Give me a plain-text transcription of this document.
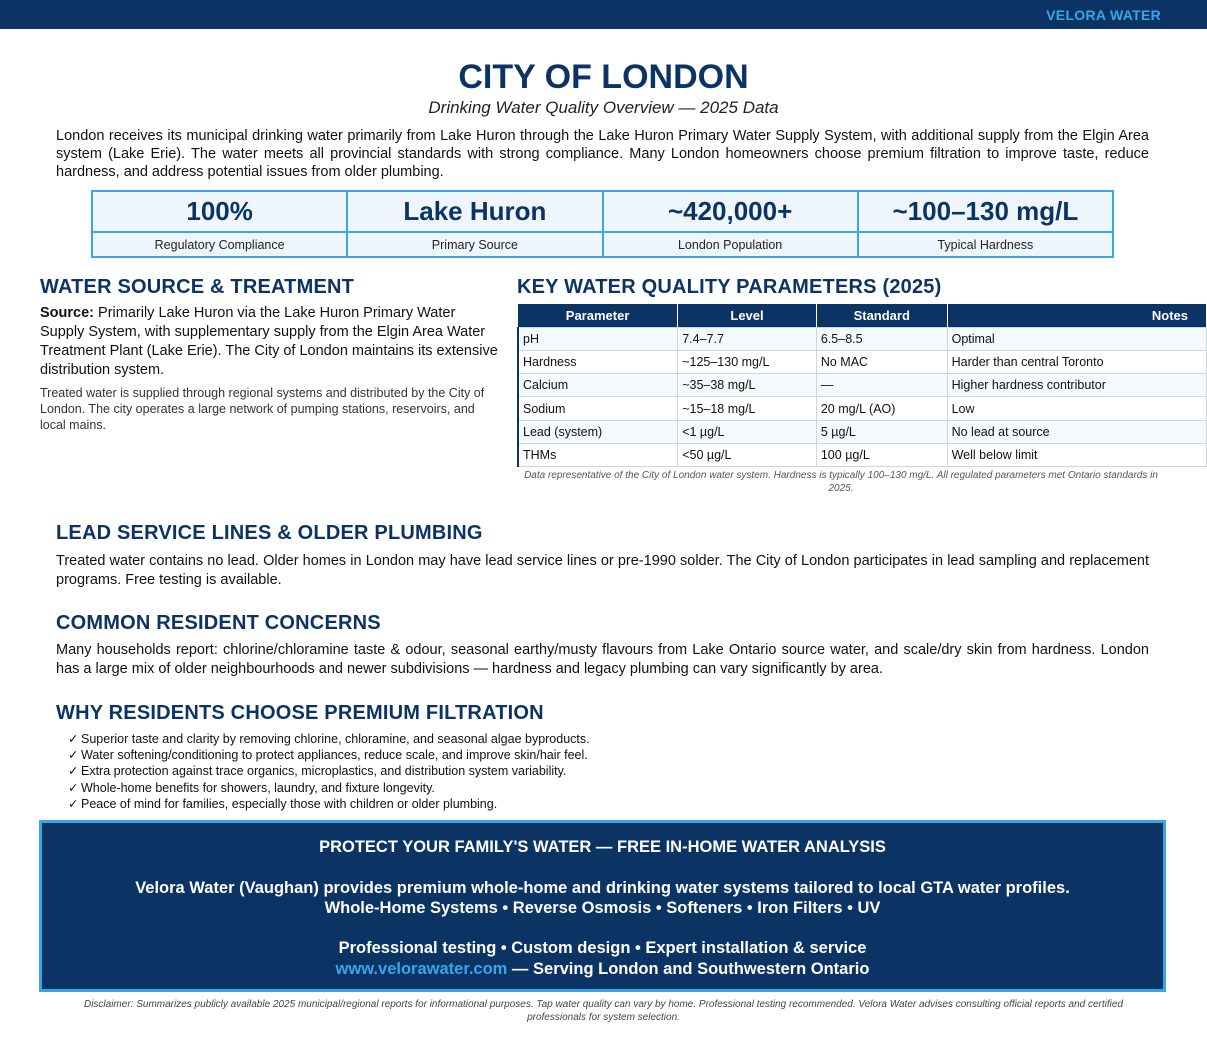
VELORA WATER
CITY OF LONDON
Drinking Water Quality Overview — 2025 Data

London receives its municipal drinking water primarily from Lake Huron through the Lake Huron Primary Water Supply System, with additional supply from the Elgin Area system (Lake Erie). The water meets all provincial standards with strong compliance. Many London homeowners choose premium filtration to improve taste, reduce hardness, and address potential issues from older plumbing.

100%
Regulatory Compliance
Lake Huron
Primary Source
~420,000+
London Population
~100–130 mg/L
Typical Hardness
WATER SOURCE & TREATMENT

Source: Primarily Lake Huron via the Lake Huron Primary Water Supply System, with supplementary supply from the Elgin Area Water Treatment Plant (Lake Erie). The City of London maintains its extensive distribution system.

Treated water is supplied through regional systems and distributed by the City of London. The city operates a large network of pumping stations, reservoirs, and local mains.

KEY WATER QUALITY PARAMETERS (2025)
Parameter	Level	Standard	Notes
pH	7.4–7.7	6.5–8.5	Optimal
Hardness	~125–130 mg/L	No MAC	Harder than central Toronto
Calcium	~35–38 mg/L	—	Higher hardness contributor
Sodium	~15–18 mg/L	20 mg/L (AO)	Low
Lead (system)	<1 µg/L	5 µg/L	No lead at source
THMs	<50 µg/L	100 µg/L	Well below limit
Data representative of the City of London water system. Hardness is typically 100–130 mg/L. All regulated parameters met Ontario standards in 2025.
LEAD SERVICE LINES & OLDER PLUMBING

Treated water contains no lead. Older homes in London may have lead service lines or pre-1990 solder. The City of London participates in lead sampling and replacement programs. Free testing is available.

COMMON RESIDENT CONCERNS

Many households report: chlorine/chloramine taste & odour, seasonal earthy/musty flavours from Lake Ontario source water, and scale/dry skin from hardness. London has a large mix of older neighbourhoods and newer subdivisions — hardness and legacy plumbing can vary significantly by area.

WHY RESIDENTS CHOOSE PREMIUM FILTRATION
✓ Superior taste and clarity by removing chlorine, chloramine, and seasonal algae byproducts.
✓ Water softening/conditioning to protect appliances, reduce scale, and improve skin/hair feel.
✓ Extra protection against trace organics, microplastics, and distribution system variability.
✓ Whole-home benefits for showers, laundry, and fixture longevity.
✓ Peace of mind for families, especially those with children or older plumbing.
PROTECT YOUR FAMILY'S WATER — FREE IN-HOME WATER ANALYSIS
Velora Water (Vaughan) provides premium whole-home and drinking water systems tailored to local GTA water profiles.
Whole-Home Systems • Reverse Osmosis • Softeners • Iron Filters • UV
Professional testing • Custom design • Expert installation & service
www.velorawater.com — Serving London and Southwestern Ontario
Disclaimer: Summarizes publicly available 2025 municipal/regional reports for informational purposes. Tap water quality can vary by home. Professional testing recommended. Velora Water advises consulting official reports and certified professionals for system selection.
